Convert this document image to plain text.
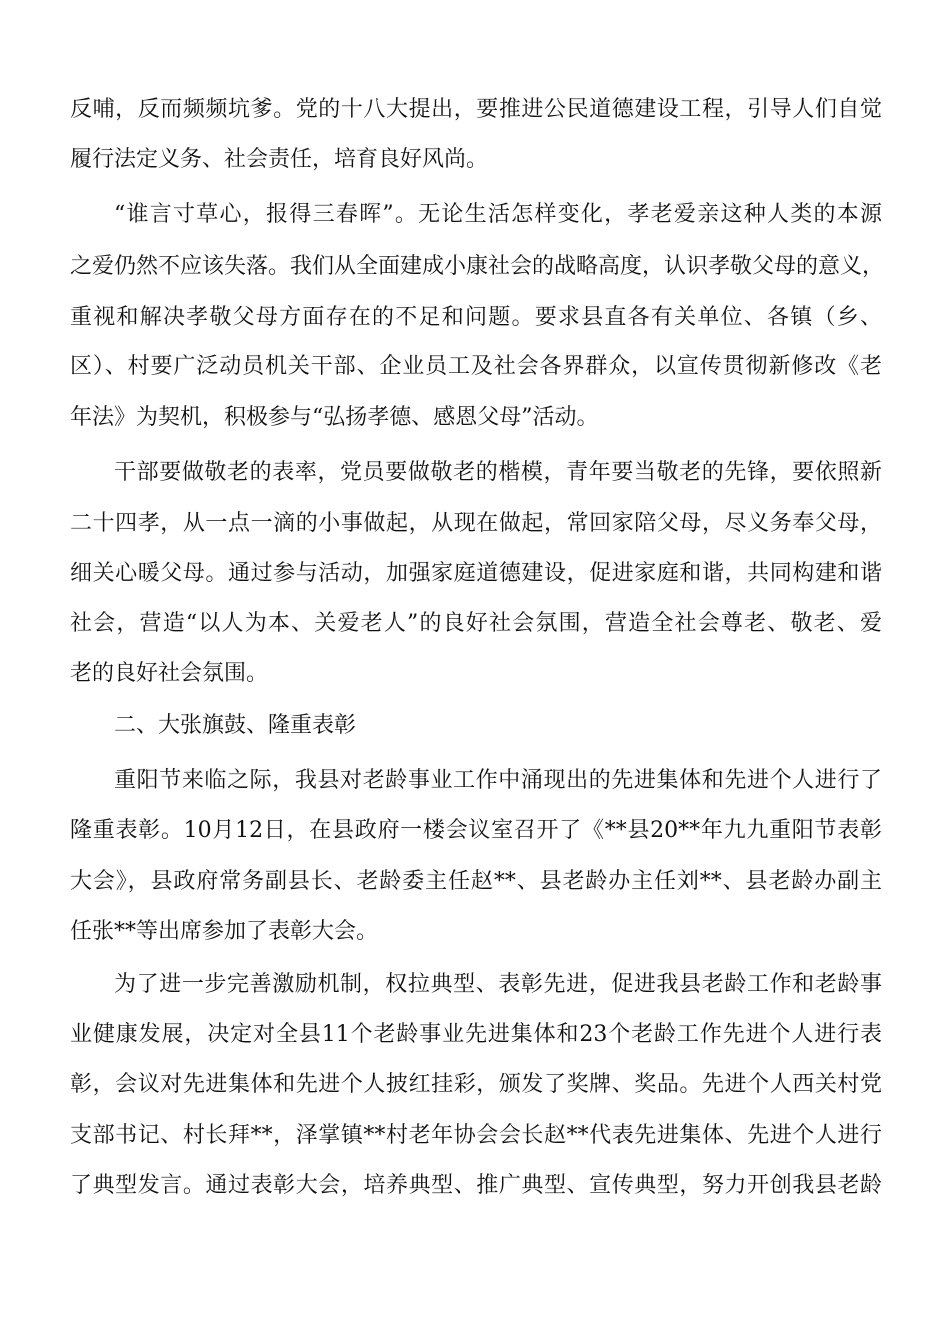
反哺，反而频频坑爹。党的十八大提出，要推进公民道德建设工程，引导人们自觉
履行法定义务、社会责任，培育良好风尚。
“谁言寸草心，报得三春晖”。无论生活怎样变化，孝老爱亲这种人类的本源
之爱仍然不应该失落。我们从全面建成小康社会的战略高度，认识孝敬父母的意义，
重视和解决孝敬父母方面存在的不足和问题。要求县直各有关单位、各镇（乡、
区）、村要广泛动员机关干部、企业员工及社会各界群众，以宣传贯彻新修改《老
年法》为契机，积极参与“弘扬孝德、感恩父母”活动。
干部要做敬老的表率，党员要做敬老的楷模，青年要当敬老的先锋，要依照新
二十四孝，从一点一滴的小事做起，从现在做起，常回家陪父母，尽义务奉父母，
细关心暖父母。通过参与活动，加强家庭道德建设，促进家庭和谐，共同构建和谐
社会，营造“以人为本、关爱老人”的良好社会氛围，营造全社会尊老、敬老、爱
老的良好社会氛围。
二、大张旗鼓、隆重表彰
重阳节来临之际，我县对老龄事业工作中涌现出的先进集体和先进个人进行了
隆重表彰。10月12日，在县政府一楼会议室召开了《**县20**年九九重阳节表彰
大会》，县政府常务副县长、老龄委主任赵**、县老龄办主任刘**、县老龄办副主
任张**等出席参加了表彰大会。
为了进一步完善激励机制，权拉典型、表彰先进，促进我县老龄工作和老龄事
业健康发展，决定对全县11个老龄事业先进集体和23个老龄工作先进个人进行表
彰，会议对先进集体和先进个人披红挂彩，颁发了奖牌、奖品。先进个人西关村党
支部书记、村长拜**，泽掌镇**村老年协会会长赵**代表先进集体、先进个人进行
了典型发言。通过表彰大会，培养典型、推广典型、宣传典型，努力开创我县老龄
